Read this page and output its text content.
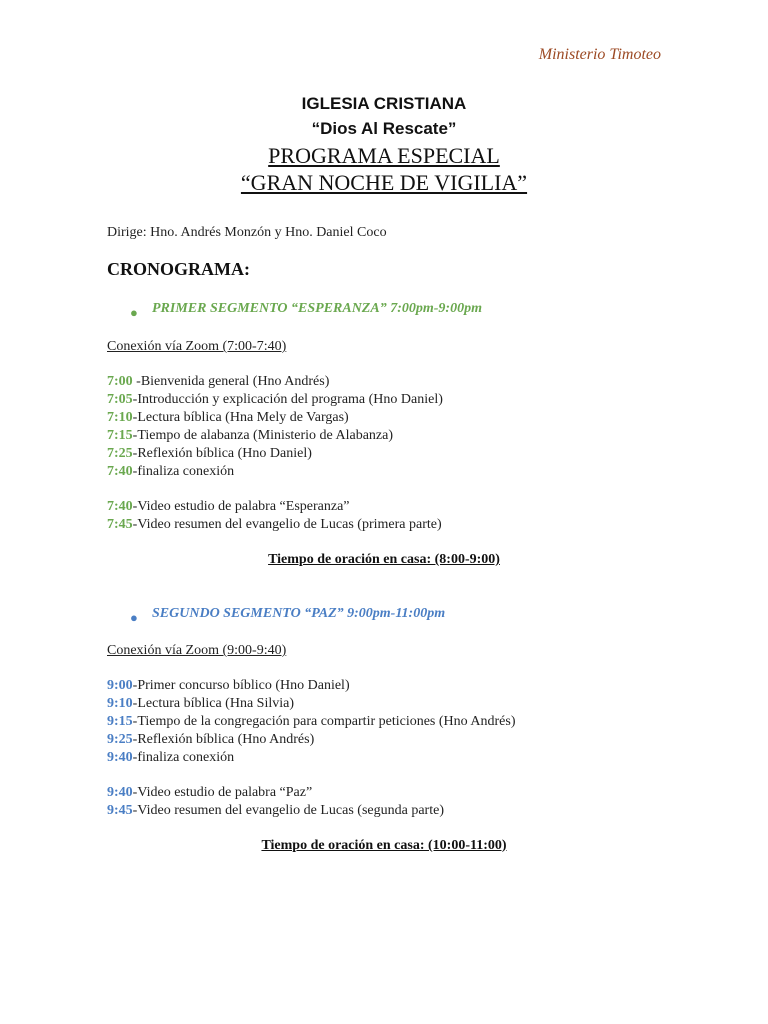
Ministerio Timoteo
IGLESIA CRISTIANA
“Dios Al Rescate”
PROGRAMA ESPECIAL
“GRAN NOCHE DE VIGILIA”
Dirige: Hno. Andrés Monzón y Hno. Daniel Coco
CRONOGRAMA:
● PRIMER SEGMENTO “ESPERANZA” 7:00pm-9:00pm
Conexión vía Zoom (7:00-7:40)
7:00 -Bienvenida general (Hno Andrés)
7:05-Introducción y explicación del programa (Hno Daniel)
7:10-Lectura bíblica (Hna Mely de Vargas)
7:15-Tiempo de alabanza (Ministerio de Alabanza)
7:25-Reflexión bíblica (Hno Daniel)
7:40-finaliza conexión
7:40-Video estudio de palabra “Esperanza”
7:45-Video resumen del evangelio de Lucas (primera parte)
Tiempo de oración en casa: (8:00-9:00)
● SEGUNDO SEGMENTO “PAZ” 9:00pm-11:00pm
Conexión vía Zoom (9:00-9:40)
9:00-Primer concurso bíblico (Hno Daniel)
9:10-Lectura bíblica (Hna Silvia)
9:15-Tiempo de la congregación para compartir peticiones (Hno Andrés)
9:25-Reflexión bíblica (Hno Andrés)
9:40-finaliza conexión
9:40-Video estudio de palabra “Paz”
9:45-Video resumen del evangelio de Lucas (segunda parte)
Tiempo de oración en casa: (10:00-11:00)
